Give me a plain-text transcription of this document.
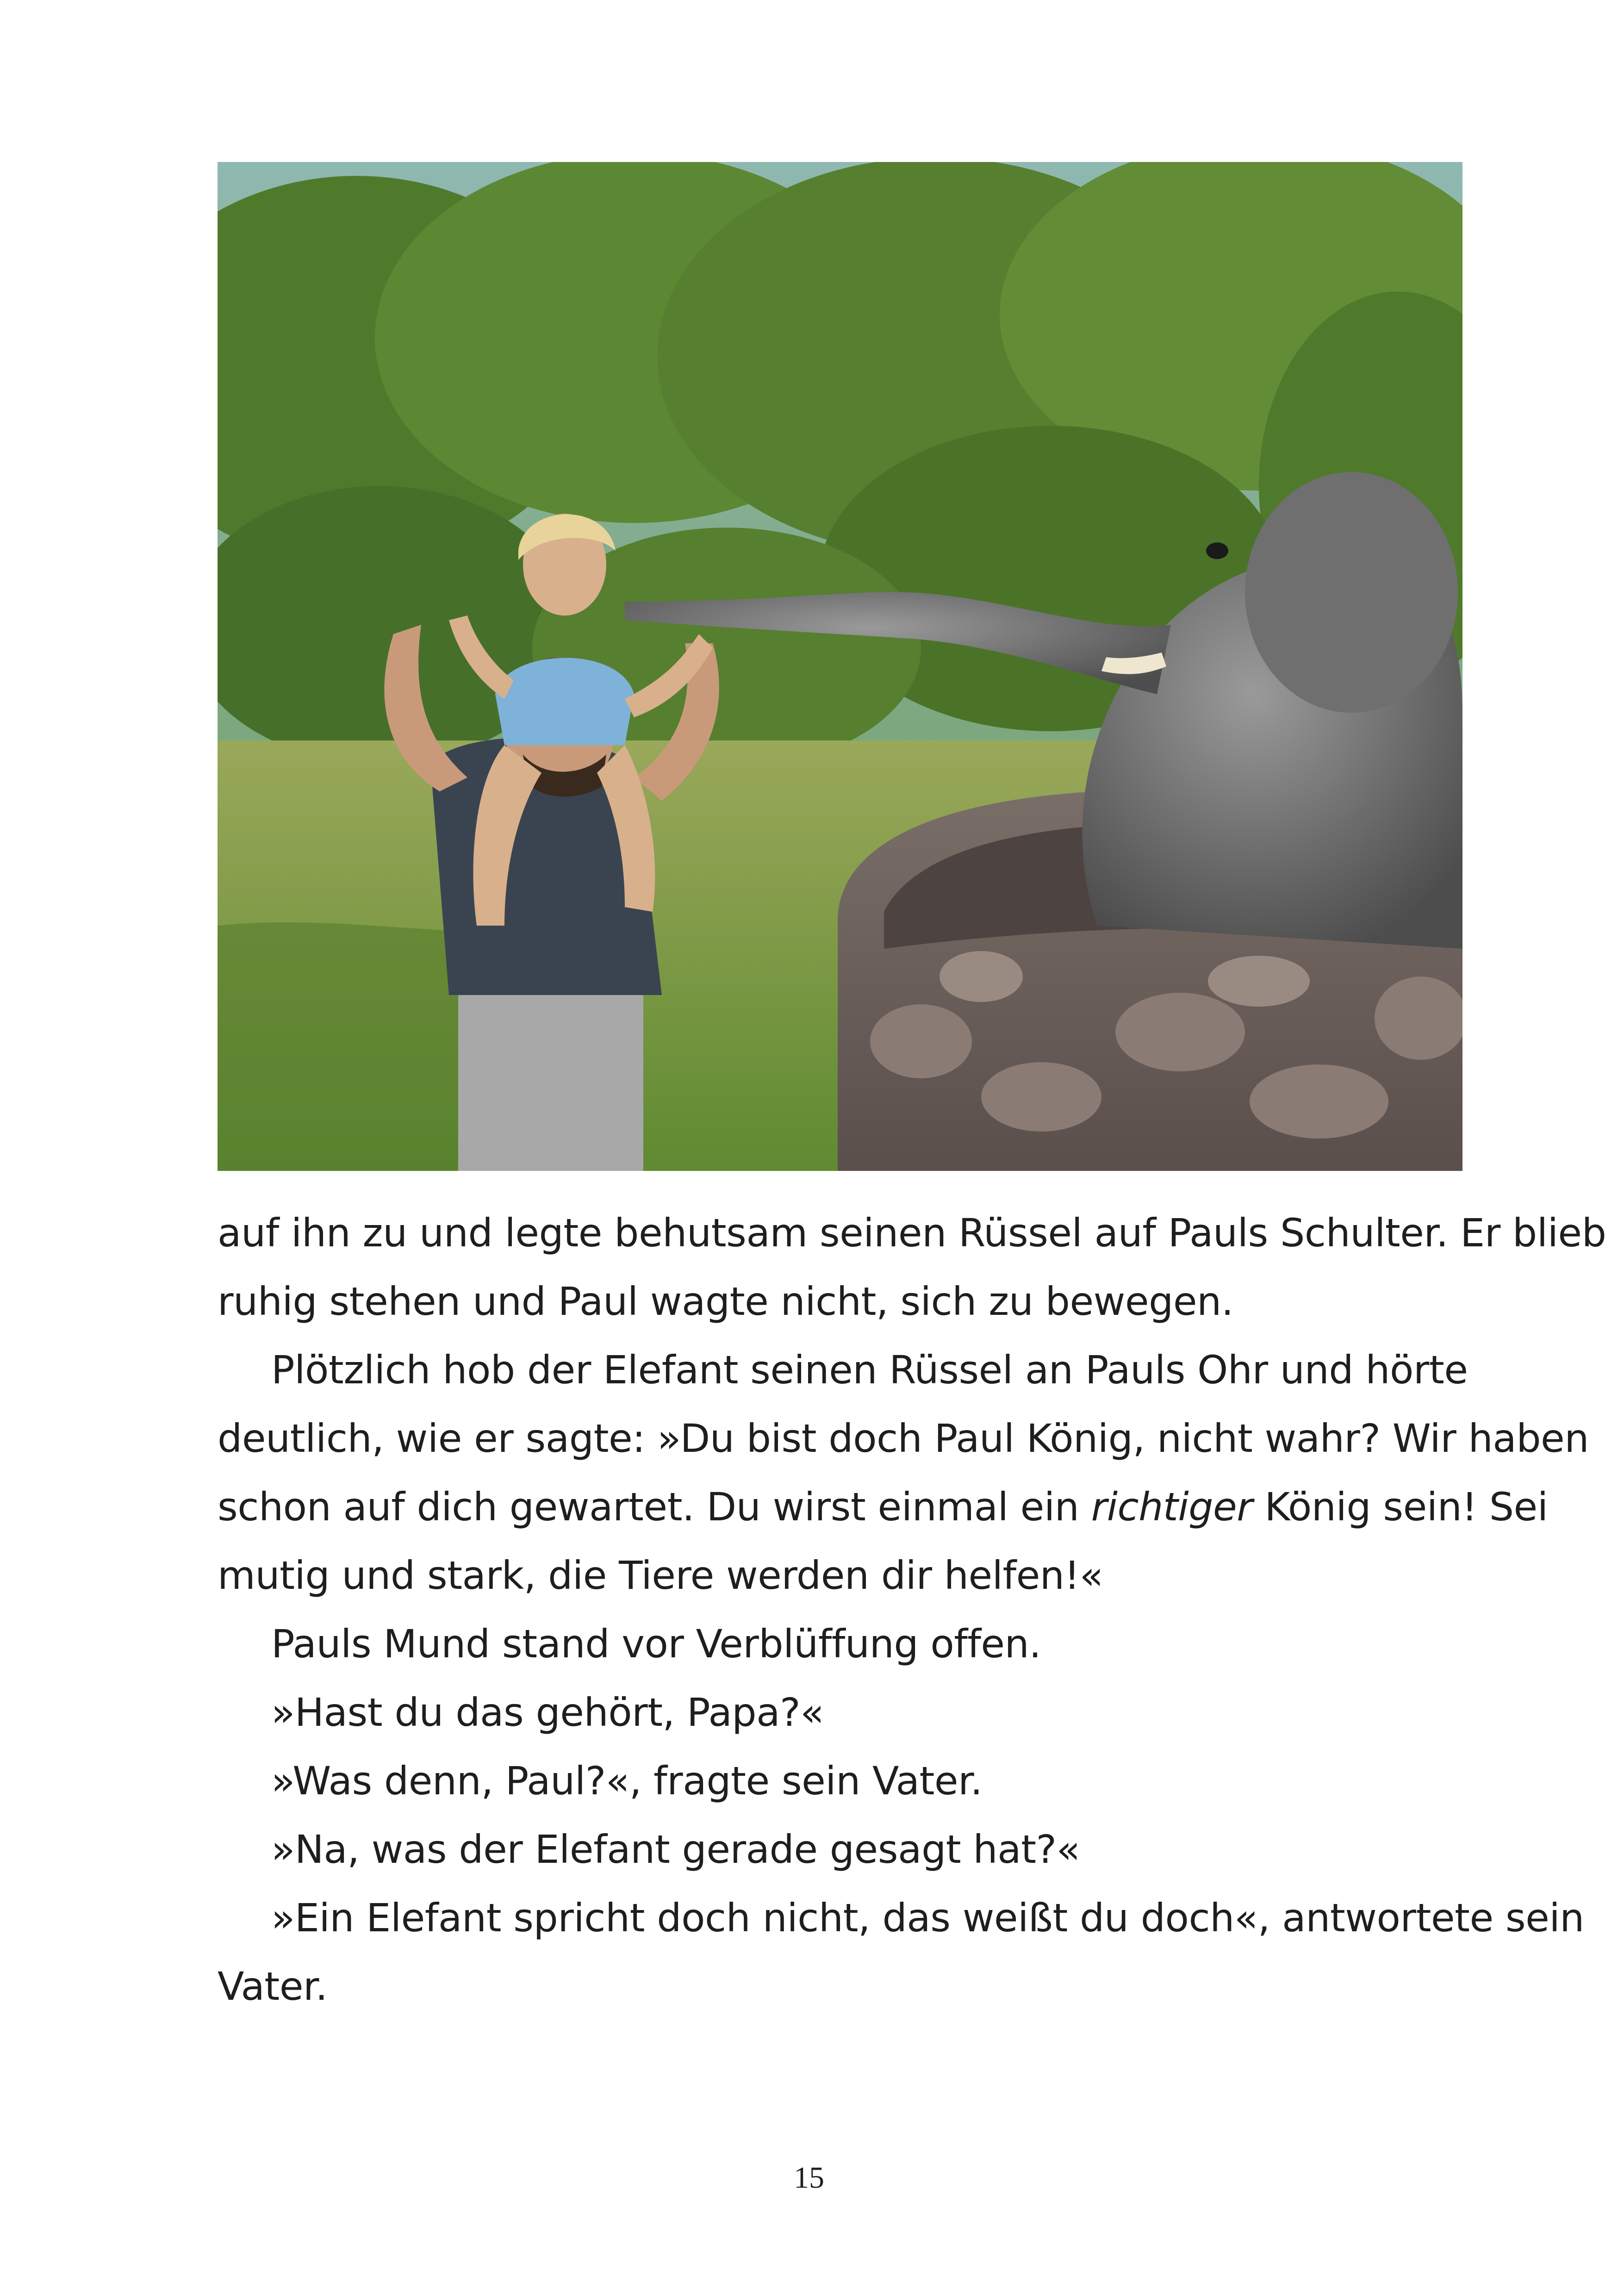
auf ihn zu und legte behutsam seinen Rüssel auf Pauls Schulter. Er blieb
ruhig stehen und Paul wagte nicht, sich zu bewegen.

Plötzlich hob der Elefant seinen Rüssel an Pauls Ohr und hörte

deutlich, wie er sagte: »Du bist doch Paul König, nicht wahr? Wir haben
schon auf dich gewartet. Du wirst einmal ein richtiger König sein! Sei
mutig und stark, die Tiere werden dir helfen!«

Pauls Mund stand vor Verblüffung offen.

»Hast du das gehört, Papa?«

»Was denn, Paul?«, fragte sein Vater.

»Na, was der Elefant gerade gesagt hat?«

»Ein Elefant spricht doch nicht, das weißt du doch«, antwortete sein

Vater.

15
